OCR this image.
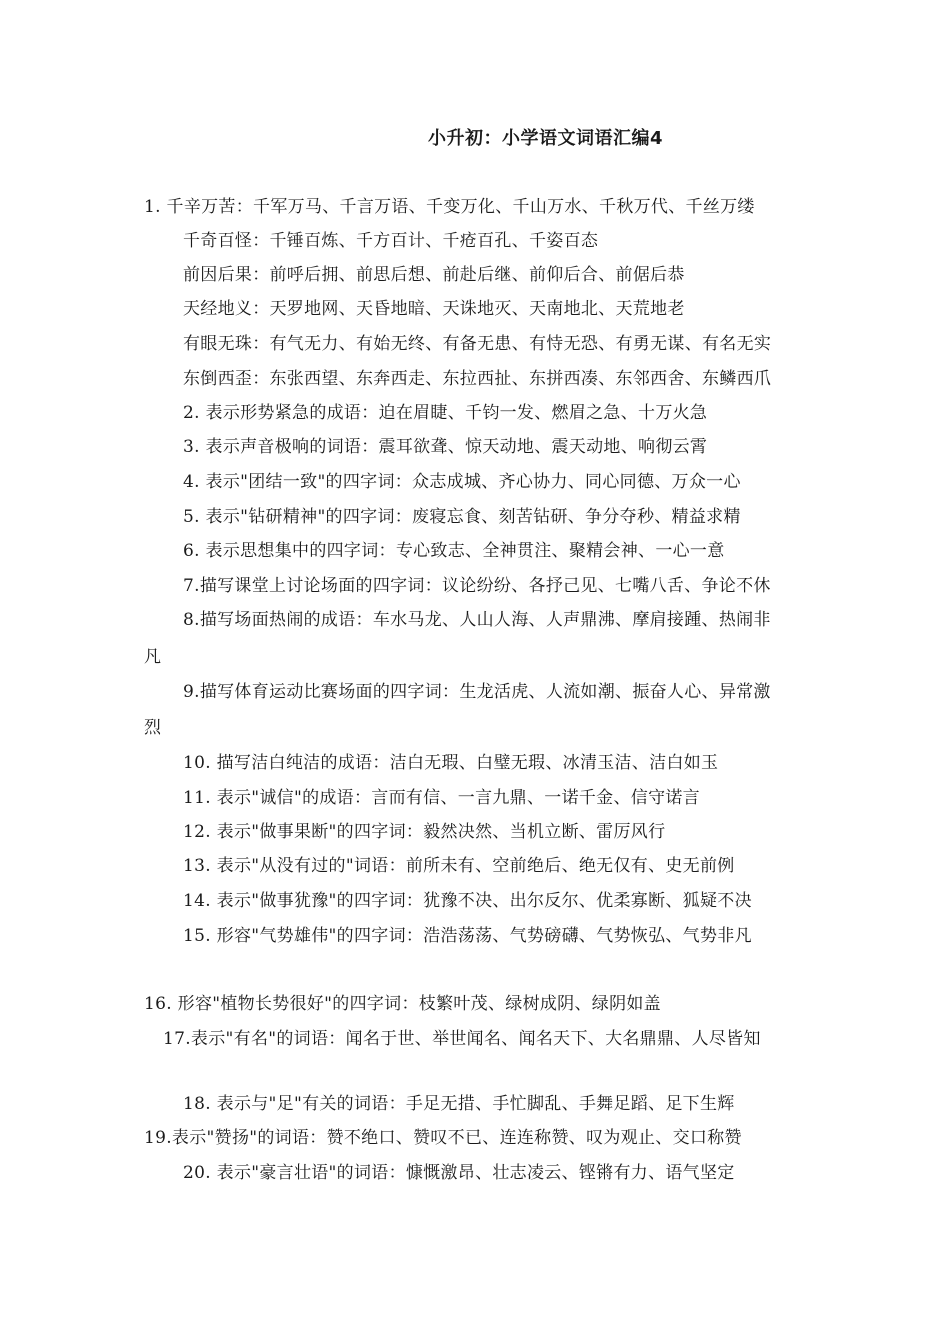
小升初：小学语文词语汇编4
1. 千辛万苦：千军万马、千言万语、千变万化、千山万水、千秋万代、千丝万缕
千奇百怪：千锤百炼、千方百计、千疮百孔、千姿百态
前因后果：前呼后拥、前思后想、前赴后继、前仰后合、前倨后恭
天经地义：天罗地网、天昏地暗、天诛地灭、天南地北、天荒地老
有眼无珠：有气无力、有始无终、有备无患、有恃无恐、有勇无谋、有名无实
东倒西歪：东张西望、东奔西走、东拉西扯、东拼西凑、东邻西舍、东鳞西爪
2. 表示形势紧急的成语：迫在眉睫、千钧一发、燃眉之急、十万火急
3. 表示声音极响的词语：震耳欲聋、惊天动地、震天动地、响彻云霄
4. 表示"团结一致"的四字词：众志成城、齐心协力、同心同德、万众一心
5. 表示"钻研精神"的四字词：废寝忘食、刻苦钻研、争分夺秒、精益求精
6. 表示思想集中的四字词：专心致志、全神贯注、聚精会神、一心一意
7.描写课堂上讨论场面的四字词：议论纷纷、各抒己见、七嘴八舌、争论不休
8.描写场面热闹的成语：车水马龙、人山人海、人声鼎沸、摩肩接踵、热闹非
凡
9.描写体育运动比赛场面的四字词：生龙活虎、人流如潮、振奋人心、异常激
烈
10. 描写洁白纯洁的成语：洁白无瑕、白璧无瑕、冰清玉洁、洁白如玉
11. 表示"诚信"的成语：言而有信、一言九鼎、一诺千金、信守诺言
12. 表示"做事果断"的四字词：毅然决然、当机立断、雷厉风行
13. 表示"从没有过的"词语：前所未有、空前绝后、绝无仅有、史无前例
14. 表示"做事犹豫"的四字词：犹豫不决、出尔反尔、优柔寡断、狐疑不决
15. 形容"气势雄伟"的四字词：浩浩荡荡、气势磅礴、气势恢弘、气势非凡
16. 形容"植物长势很好"的四字词：枝繁叶茂、绿树成阴、绿阴如盖
17.表示"有名"的词语：闻名于世、举世闻名、闻名天下、大名鼎鼎、人尽皆知
18. 表示与"足"有关的词语：手足无措、手忙脚乱、手舞足蹈、足下生辉
19.表示"赞扬"的词语：赞不绝口、赞叹不已、连连称赞、叹为观止、交口称赞
20. 表示"豪言壮语"的词语：慷慨激昂、壮志凌云、铿锵有力、语气坚定
